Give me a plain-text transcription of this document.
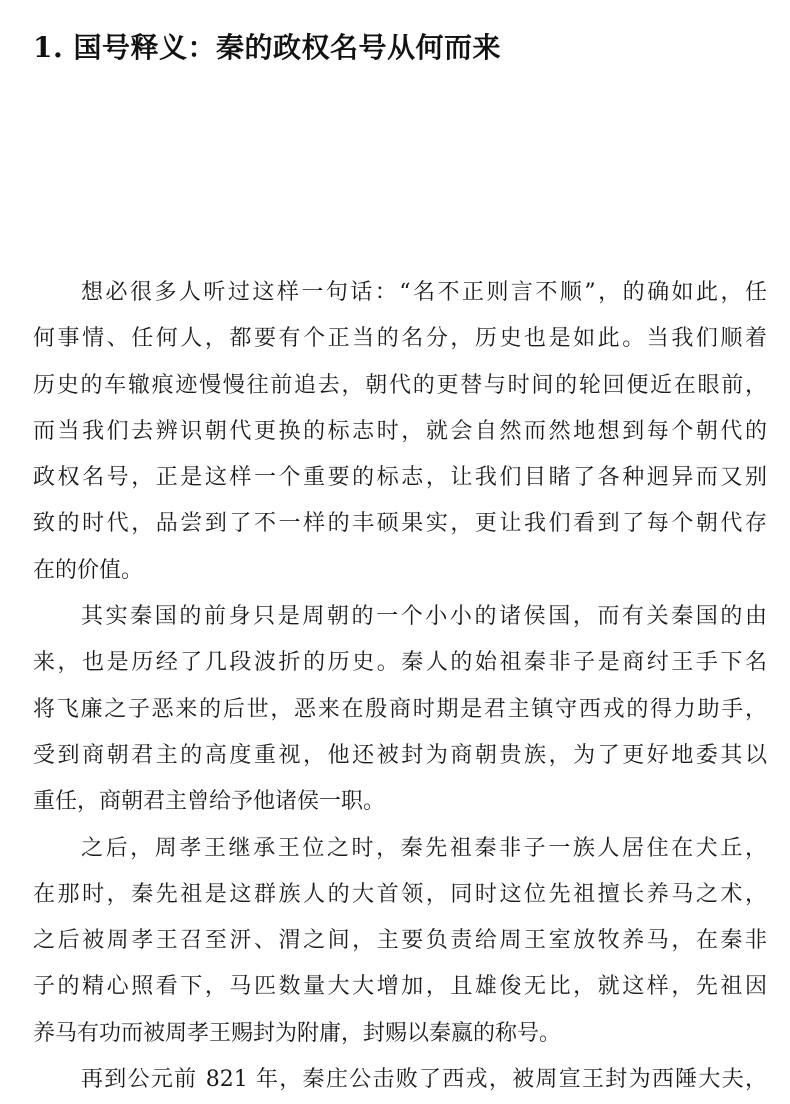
1. 国号释义：秦的政权名号从何而来
想必很多人听过这样一句话：“名不正则言不顺”，的确如此，任
何事情、任何人，都要有个正当的名分，历史也是如此。当我们顺着
历史的车辙痕迹慢慢往前追去，朝代的更替与时间的轮回便近在眼前，
而当我们去辨识朝代更换的标志时，就会自然而然地想到每个朝代的
政权名号，正是这样一个重要的标志，让我们目睹了各种迥异而又别
致的时代，品尝到了不一样的丰硕果实，更让我们看到了每个朝代存
在的价值。
其实秦国的前身只是周朝的一个小小的诸侯国，而有关秦国的由
来，也是历经了几段波折的历史。秦人的始祖秦非子是商纣王手下名
将飞廉之子恶来的后世，恶来在殷商时期是君主镇守西戎的得力助手，
受到商朝君主的高度重视，他还被封为商朝贵族，为了更好地委其以
重任，商朝君主曾给予他诸侯一职。
之后，周孝王继承王位之时，秦先祖秦非子一族人居住在犬丘，
在那时，秦先祖是这群族人的大首领，同时这位先祖擅长养马之术，
之后被周孝王召至汧、渭之间，主要负责给周王室放牧养马，在秦非
子的精心照看下，马匹数量大大增加，且雄俊无比，就这样，先祖因
养马有功而被周孝王赐封为附庸，封赐以秦嬴的称号。
再到公元前 821 年，秦庄公击败了西戎，被周宣王封为西陲大夫，
